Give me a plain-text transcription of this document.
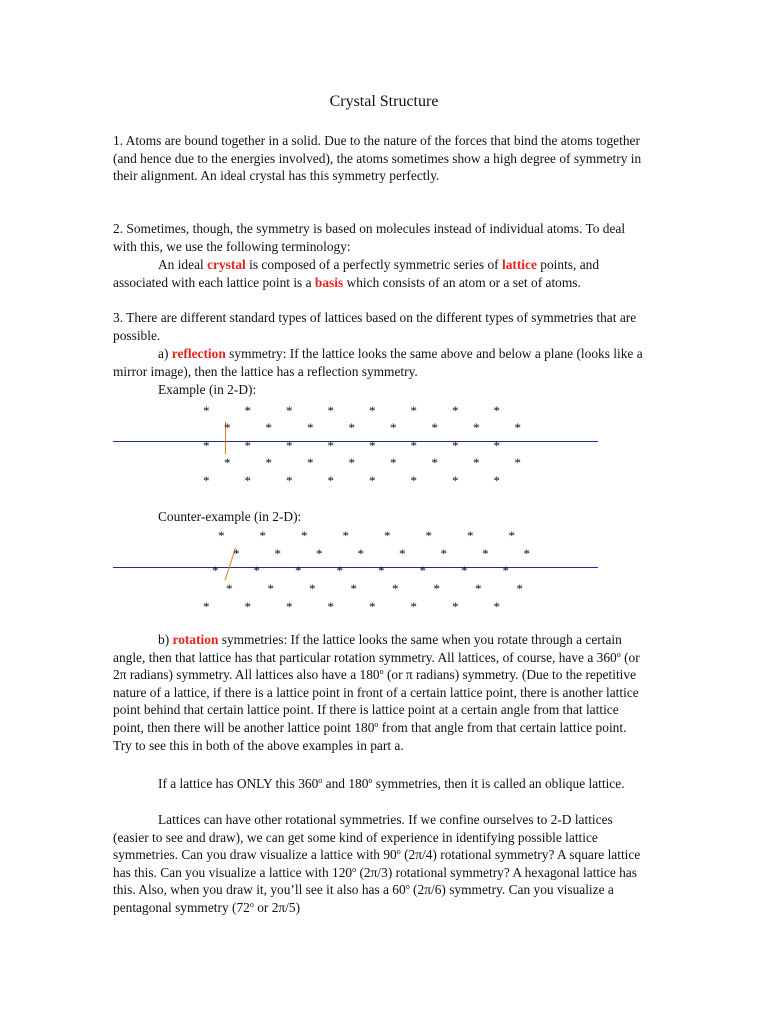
Crystal Structure

1. Atoms are bound together in a solid. Due to the nature of the forces that bind the atoms together (and hence due to the energies involved), the atoms sometimes show a high degree of symmetry in their alignment. An ideal crystal has this symmetry perfectly.

2. Sometimes, though, the symmetry is based on molecules instead of individual atoms. To deal with this, we use the following terminology:

An ideal crystal is composed of a perfectly symmetric series of lattice points, and associated with each lattice point is a basis which consists of an atom or a set of atoms.

3. There are different standard types of lattices based on the different types of symmetries that are possible.

a) reflection symmetry: If the lattice looks the same above and below a plane (looks like a mirror image), then the lattice has a reflection symmetry.

Example (in 2-D):

*	*	*	*	*	*	*	*
*	*	*	*	*	*	*	*
*	*	*	*	*	*	*	*
*	*	*	*	*	*	*	*
*	*	*	*	*	*	*	*

Counter-example (in 2-D):

*	*	*	*	*	*	*	*
*	*	*	*	*	*	*	*
*	*	*	*	*	*	*	*
*	*	*	*	*	*	*	*
*	*	*	*	*	*	*	*

b) rotation symmetries: If the lattice looks the same when you rotate through a certain angle, then that lattice has that particular rotation symmetry. All lattices, of course, have a 360$^o$ (or 2π radians) symmetry. All lattices also have a 180$^o$ (or π radians) symmetry. (Due to the repetitive nature of a lattice, if there is a lattice point in front of a certain lattice point, there is another lattice point behind that certain lattice point. If there is lattice point at a certain angle from that lattice point, then there will be another lattice point 180$^o$ from that angle from that certain lattice point. Try to see this in both of the above examples in part a.

If a lattice has ONLY this 360$^o$ and 180$^o$ symmetries, then it is called an oblique lattice.

Lattices can have other rotational symmetries. If we confine ourselves to 2-D lattices (easier to see and draw), we can get some kind of experience in identifying possible lattice symmetries. Can you draw visualize a lattice with 90$^o$ (2π/4) rotational symmetry? A square lattice has this. Can you visualize a lattice with 120$^o$ (2π/3) rotational symmetry? A hexagonal lattice has this. Also, when you draw it, you’ll see it also has a 60$^o$ (2π/6) symmetry. Can you visualize a pentagonal symmetry (72$^o$ or 2π/5)
